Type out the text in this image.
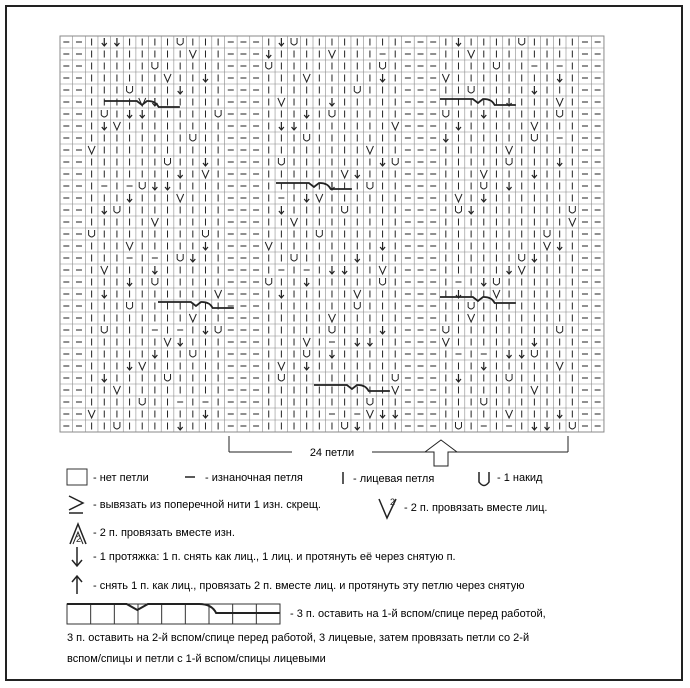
24 петли
2
2
- нет петли	- изнаночная петля	- лицевая петля	- 1 накид
- вывязать из поперечной нити 1 изн. скрещ.	- 2 п. провязать вместе лиц.
- 2 п. провязать вместе изн.
- 1 протяжка: 1 п. снять как лиц., 1 лиц. и протянуть её через снятую п.
- снять 1 п. как лиц., провязать 2 п. вместе лиц. и протянуть эту петлю через снятую
- 3 п. оставить на 1-й вспом/спице перед работой,
3 п. оставить на 2-й вспом/спице перед работой, 3 лицевые, затем провязать петли со 2-й
вспом/спицы и петли с 1-й вспом/спицы лицевыми
